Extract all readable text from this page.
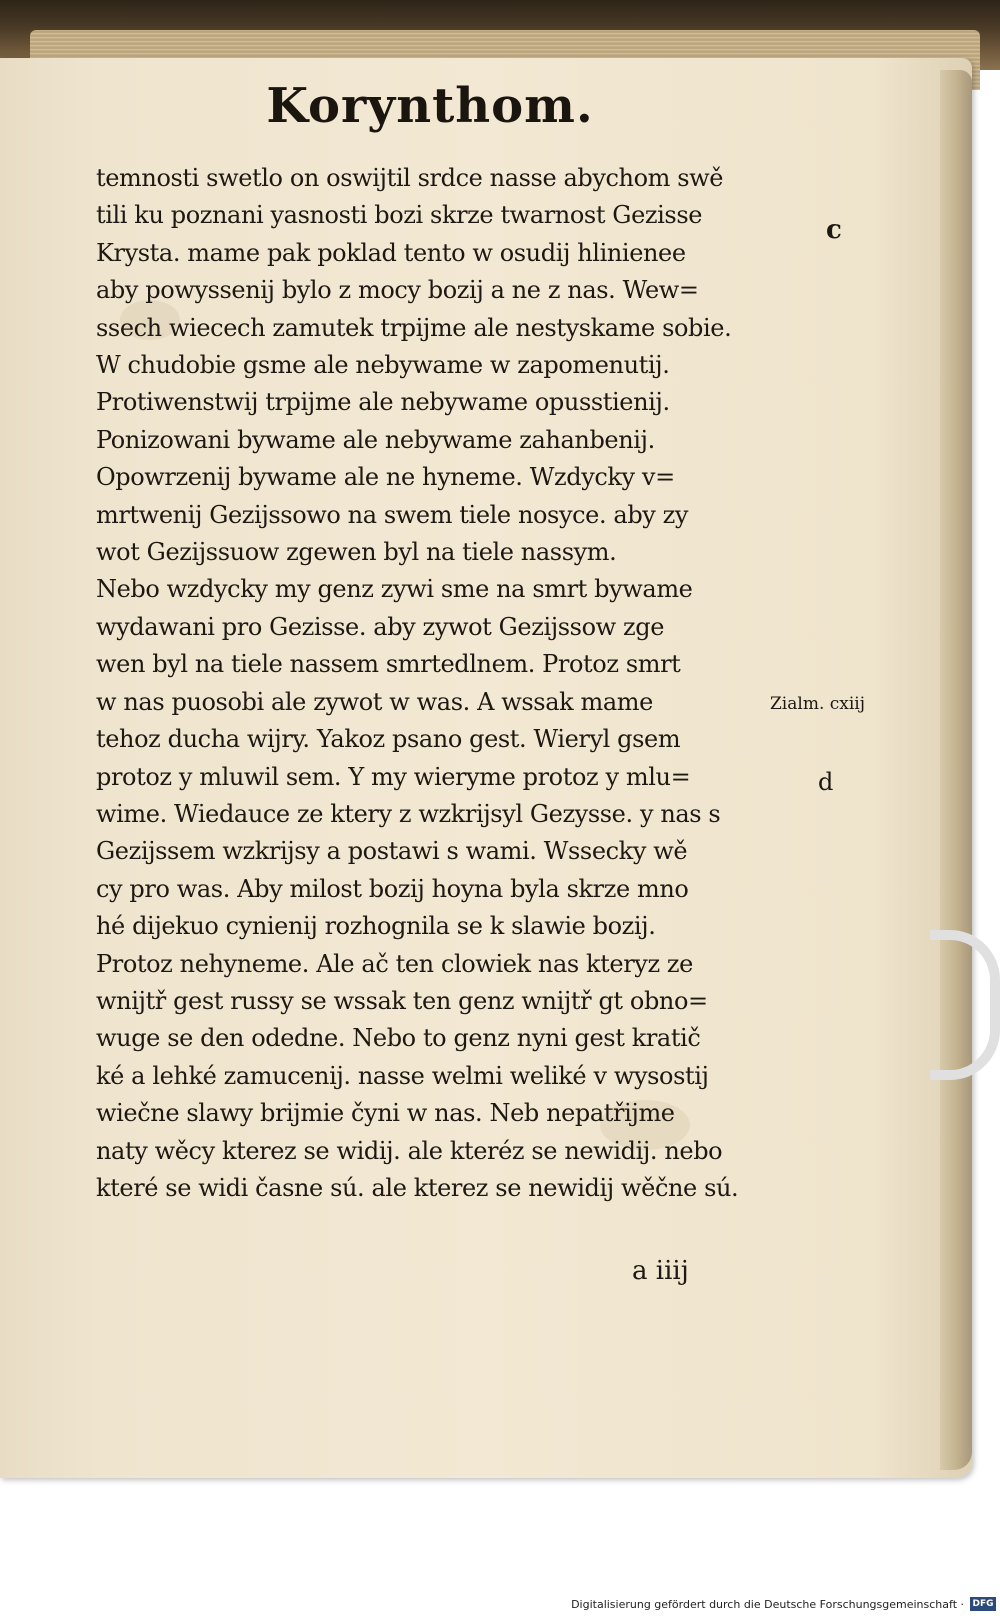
Korynthom.
temnosti swetlo on oswijtil srdce nasse abychom swě
tili ku poznani yasnosti bozi skrze twarnost Gezisse
Krysta. mame pak poklad tento w osudij hlinienee
aby powyssenij bylo z mocy bozij a ne z nas. Wew=
ssech wiecech zamutek trpijme ale nestyskame sobie.
W chudobie gsme ale nebywame w zapomenutij.
Protiwenstwij trpijme ale nebywame opusstienij.
Ponizowani bywame ale nebywame zahanbenij.
Opowrzenij bywame ale ne hyneme. Wzdycky v=
mrtwenij Gezijssowo na swem tiele nosyce. aby zy
wot Gezijssuow zgewen byl na tiele nassym.
Nebo wzdycky my genz zywi sme na smrt bywame
wydawani pro Gezisse. aby zywot Gezijssow zge
wen byl na tiele nassem smrtedlnem. Protoz smrt
w nas puosobi ale zywot w was. A wssak mame
tehoz ducha wijry. Yakoz psano gest. Wieryl gsem
protoz y mluwil sem. Y my wieryme protoz y mlu=
wime. Wiedauce ze ktery z wzkrijsyl Gezysse. y nas s
Gezijssem wzkrijsy a postawi s wami. Wssecky wě
cy pro was. Aby milost bozij hoyna byla skrze mno
hé dijekuo cynienij rozhognila se k slawie bozij.
Protoz nehyneme. Ale ač ten clowiek nas kteryz ze
wnijtř gest russy se wssak ten genz wnijtř gt obno=
wuge se den odedne. Nebo to genz nyni gest kratič
ké a lehké zamucenij. nasse welmi weliké v wysostij
wiečne slawy brijmie čyni w nas. Neb nepatřijme
naty wěcy kterez se widij. ale kteréz se newidij. nebo
které se widi časne sú. ale kterez se newidij wěčne sú.
c
Zialm. cxiij
d
a iiij
Digitalisierung gefördert durch die Deutsche Forschungsgemeinschaft · DFG
